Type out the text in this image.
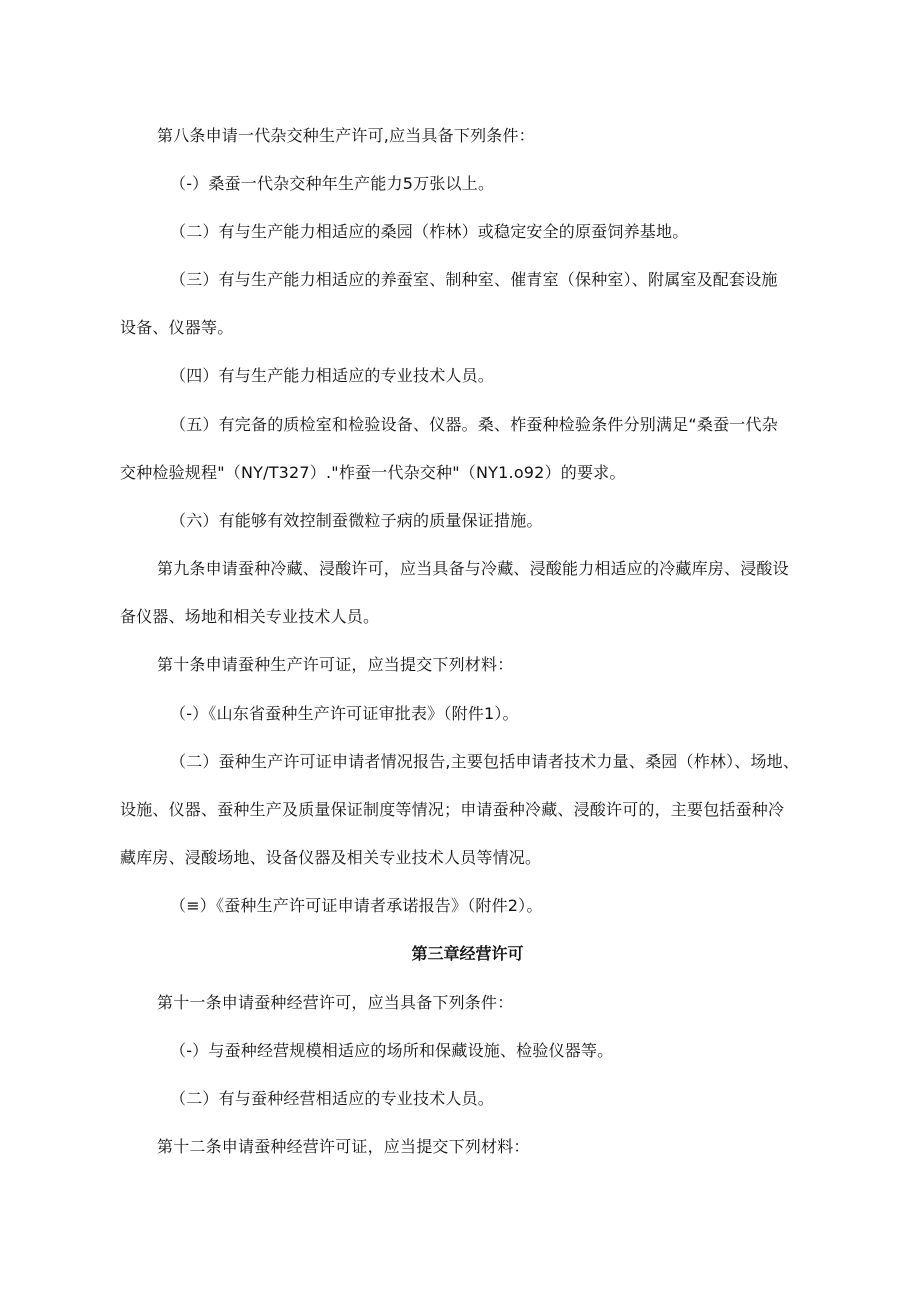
第八条申请一代杂交种生产许可,应当具备下列条件：
（-）桑蚕一代杂交种年生产能力5万张以上。
（二）有与生产能力相适应的桑园（柞林）或稳定安全的原蚕饲养基地。
（三）有与生产能力相适应的养蚕室、制种室、催青室（保种室）、附属室及配套设施
设备、仪器等。
（四）有与生产能力相适应的专业技术人员。
（五）有完备的质检室和检验设备、仪器。桑、柞蚕种检验条件分别满足“桑蚕一代杂
交种检验规程"（NY/T327）."柞蚕一代杂交种"（NY1.o92）的要求。
（六）有能够有效控制蚕微粒子病的质量保证措施。
第九条申请蚕种冷藏、浸酸许可，应当具备与冷藏、浸酸能力相适应的冷藏库房、浸酸设
备仪器、场地和相关专业技术人员。
第十条申请蚕种生产许可证，应当提交下列材料：
（-）《山东省蚕种生产许可证审批表》（附件1）。
（二）蚕种生产许可证申请者情况报告,主要包括申请者技术力量、桑园（柞林）、场地、
设施、仪器、蚕种生产及质量保证制度等情况；申请蚕种冷藏、浸酸许可的，主要包括蚕种冷
藏库房、浸酸场地、设备仪器及相关专业技术人员等情况。
（≡）《蚕种生产许可证申请者承诺报告》（附件2）。
第三章经营许可
第十一条申请蚕种经营许可，应当具备下列条件：
（-）与蚕种经营规模相适应的场所和保藏设施、检验仪器等。
（二）有与蚕种经营相适应的专业技术人员。
第十二条申请蚕种经营许可证，应当提交下列材料：
